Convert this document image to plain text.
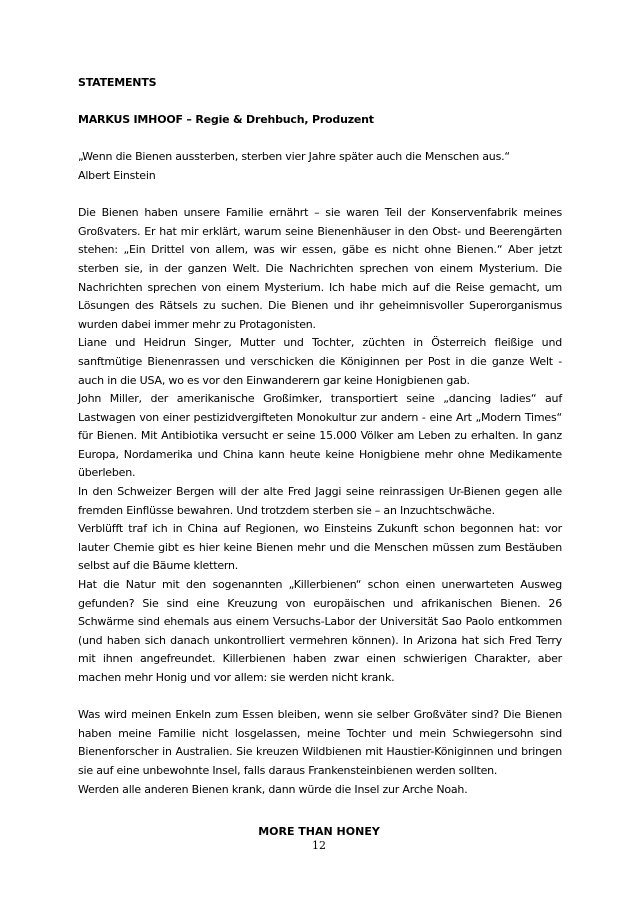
STATEMENTS

MARKUS IMHOOF – Regie & Drehbuch, Produzent

„Wenn die Bienen aussterben, sterben vier Jahre später auch die Menschen aus.“

Albert Einstein

Die Bienen haben unsere Familie ernährt – sie waren Teil der Konservenfabrik meines Großvaters. Er hat mir erklärt, warum seine Bienenhäuser in den Obst- und Beerengärten stehen: „Ein Drittel von allem, was wir essen, gäbe es nicht ohne Bienen.“ Aber jetzt sterben sie, in der ganzen Welt. Die Nachrichten sprechen von einem Mysterium. Die Nachrichten sprechen von einem Mysterium. Ich habe mich auf die Reise gemacht, um Lösungen des Rätsels zu suchen. Die Bienen und ihr geheimnisvoller Superorganismus wurden dabei immer mehr zu Protagonisten.

Liane und Heidrun Singer, Mutter und Tochter, züchten in Österreich fleißige und sanftmütige Bienenrassen und verschicken die Königinnen per Post in die ganze Welt - auch in die USA, wo es vor den Einwanderern gar keine Honigbienen gab.

John Miller, der amerikanische Großimker, transportiert seine „dancing ladies“ auf Lastwagen von einer pestizidvergifteten Monokultur zur andern - eine Art „Modern Times“ für Bienen. Mit Antibiotika versucht er seine 15.000 Völker am Leben zu erhalten. In ganz Europa, Nordamerika und China kann heute keine Honigbiene mehr ohne Medikamente überleben.

In den Schweizer Bergen will der alte Fred Jaggi seine reinrassigen Ur-Bienen gegen alle fremden Einflüsse bewahren. Und trotzdem sterben sie – an Inzuchtschwäche.

Verblüfft traf ich in China auf Regionen, wo Einsteins Zukunft schon begonnen hat: vor lauter Chemie gibt es hier keine Bienen mehr und die Menschen müssen zum Bestäuben selbst auf die Bäume klettern.

Hat die Natur mit den sogenannten „Killerbienen“ schon einen unerwarteten Ausweg gefunden? Sie sind eine Kreuzung von europäischen und afrikanischen Bienen. 26 Schwärme sind ehemals aus einem Versuchs-Labor der Universität Sao Paolo entkommen (und haben sich danach unkontrolliert vermehren können). In Arizona hat sich Fred Terry mit ihnen angefreundet. Killerbienen haben zwar einen schwierigen Charakter, aber machen mehr Honig und vor allem: sie werden nicht krank.

Was wird meinen Enkeln zum Essen bleiben, wenn sie selber Großväter sind? Die Bienen haben meine Familie nicht losgelassen, meine Tochter und mein Schwiegersohn sind Bienenforscher in Australien. Sie kreuzen Wildbienen mit Haustier-Königinnen und bringen sie auf eine unbewohnte Insel, falls daraus Frankensteinbienen werden sollten.

Werden alle anderen Bienen krank, dann würde die Insel zur Arche Noah.

MORE THAN HONEY
12
